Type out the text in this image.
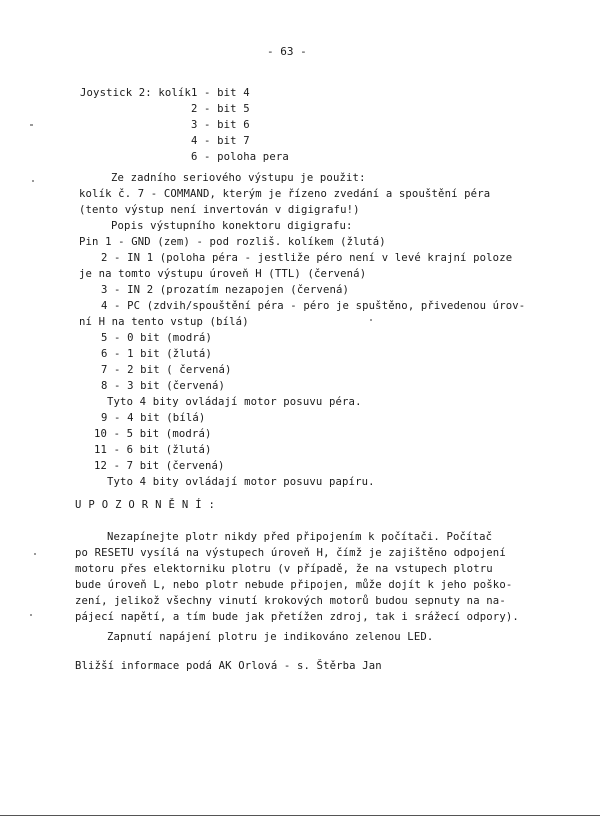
- 63 -
Joystick 2: kolík 1 - bit 4
2 - bit 5
3 - bit 6
4 - bit 7
6 - poloha pera
Ze zadního seriového výstupu je použit:
kolík č. 7 - COMMAND, kterým je řízeno zvedání a spouštění péra
(tento výstup není invertován v digigrafu!)
Popis výstupního konektoru digigrafu:
Pin 1 - GND (zem) - pod rozliš. kolíkem (žlutá)
2 - IN 1 (poloha péra - jestliže péro není v levé krajní poloze
je na tomto výstupu úroveň H (TTL) (červená)
3 - IN 2 (prozatím nezapojen (červená)
4 - PC (zdvih/spouštění péra - péro je spuštěno, přivedenou úrov-
ní H na tento vstup (bílá)
5 - 0 bit (modrá)
6 - 1 bit (žlutá)
7 - 2 bit ( červená)
8 - 3 bit (červená)
Tyto 4 bity ovládají motor posuvu péra.
9 - 4 bit (bílá)
10 - 5 bit (modrá)
11 - 6 bit (žlutá)
12 - 7 bit (červená)
Tyto 4 bity ovládají motor posuvu papíru.
U P O Z O R N Ě N Í :
Nezapínejte plotr nikdy před připojením k počítači. Počítač
po RESETU vysílá na výstupech úroveň H, čímž je zajištěno odpojení
motoru přes elektorniku plotru (v případě, že na vstupech plotru
bude úroveň L, nebo plotr nebude připojen, může dojít k jeho poško-
zení, jelikož všechny vinutí krokových motorů budou sepnuty na na-
pájecí napětí, a tím bude jak přetížen zdroj, tak i srážecí odpory).
Zapnutí napájení plotru je indikováno zelenou LED.
Bližší informace podá AK Orlová - s. Štěrba Jan
